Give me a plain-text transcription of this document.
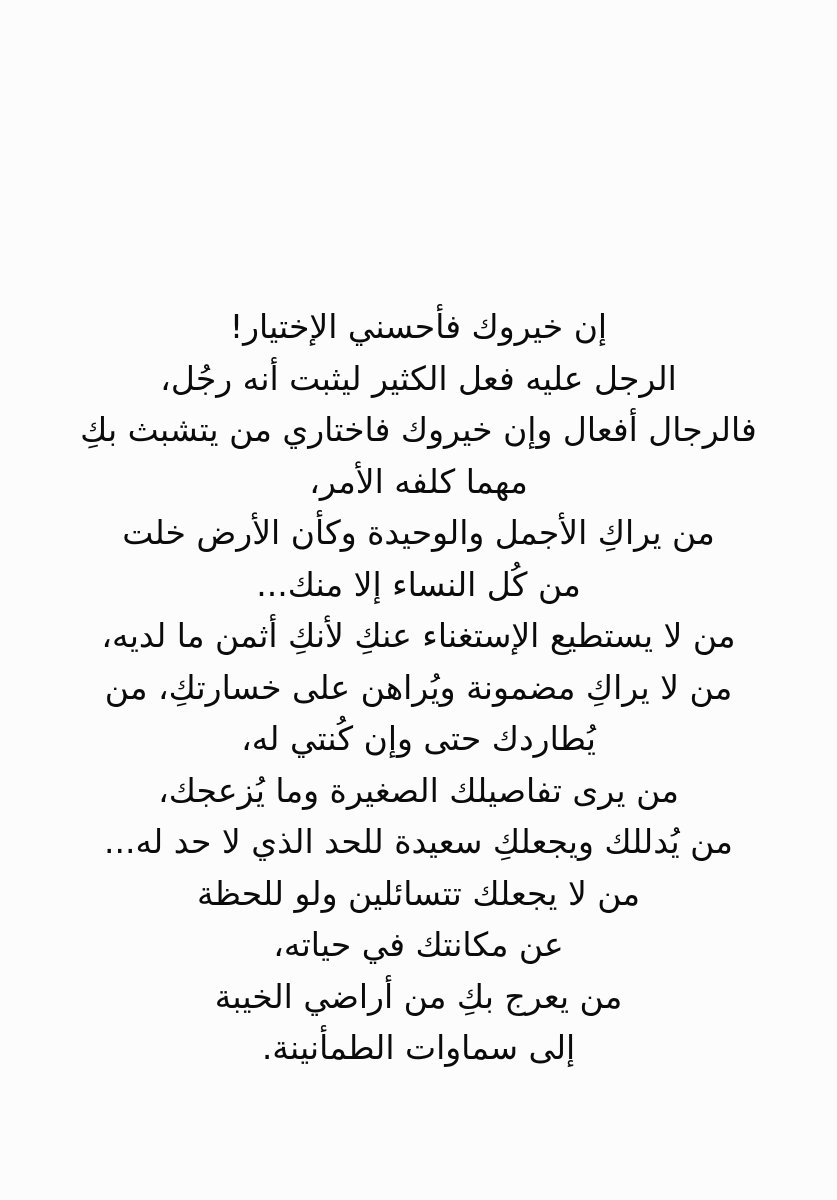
إن خيروك فأحسني الإختيار!
الرجل عليه فعل الكثير ليثبت أنه رجُل،
فالرجال أفعال وإن خيروك فاختاري من يتشبث بكِ
مهما كلفه الأمر،
من يراكِ الأجمل والوحيدة وكأن الأرض خلت
من كُل النساء إلا منك...
من لا يستطيع الإستغناء عنكِ لأنكِ أثمن ما لديه،
من لا يراكِ مضمونة ويُراهن على خسارتكِ، من
يُطاردك حتى وإن كُنتي له،
من يرى تفاصيلك الصغيرة وما يُزعجك،
من يُدللك ويجعلكِ سعيدة للحد الذي لا حد له...
من لا يجعلك تتسائلين ولو للحظة
عن مكانتك في حياته،
من يعرج بكِ من أراضي الخيبة
إلى سماوات الطمأنينة.
